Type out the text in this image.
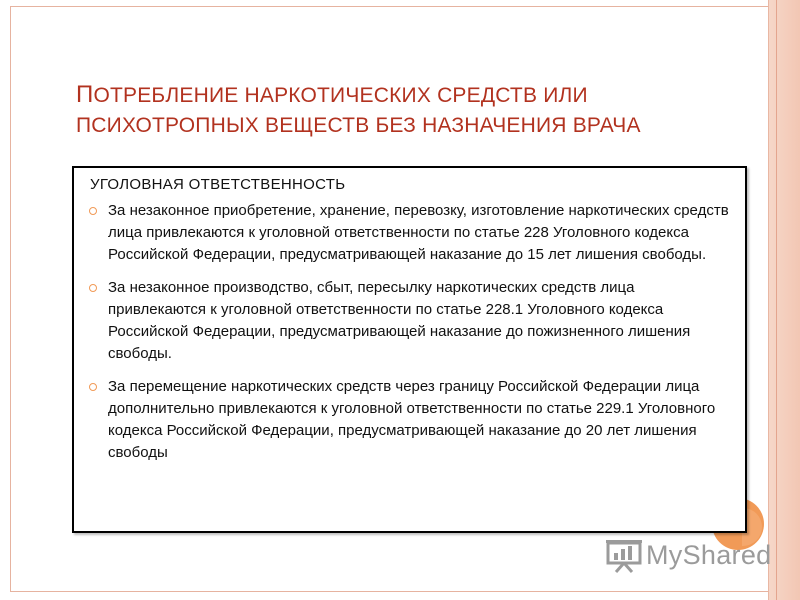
ПОТРЕБЛЕНИЕ НАРКОТИЧЕСКИХ СРЕДСТВ ИЛИ ПСИХОТРОПНЫХ ВЕЩЕСТВ БЕЗ НАЗНАЧЕНИЯ ВРАЧА
УГОЛОВНАЯ ОТВЕТСТВЕННОСТЬ
За незаконное приобретение, хранение, перевозку, изготовление наркотических средств лица привлекаются к уголовной ответственности по статье 228 Уголовного кодекса Российской Федерации, предусматривающей наказание до 15 лет лишения свободы.
За незаконное производство, сбыт, пересылку наркотических средств лица привлекаются к уголовной ответственности по статье 228.1 Уголовного кодекса Российской Федерации, предусматривающей наказание до пожизненного лишения свободы.
За перемещение наркотических средств через границу Российской Федерации лица дополнительно привлекаются к уголовной ответственности по статье 229.1 Уголовного кодекса Российской Федерации, предусматривающей наказание до 20 лет лишения свободы
MyShared
